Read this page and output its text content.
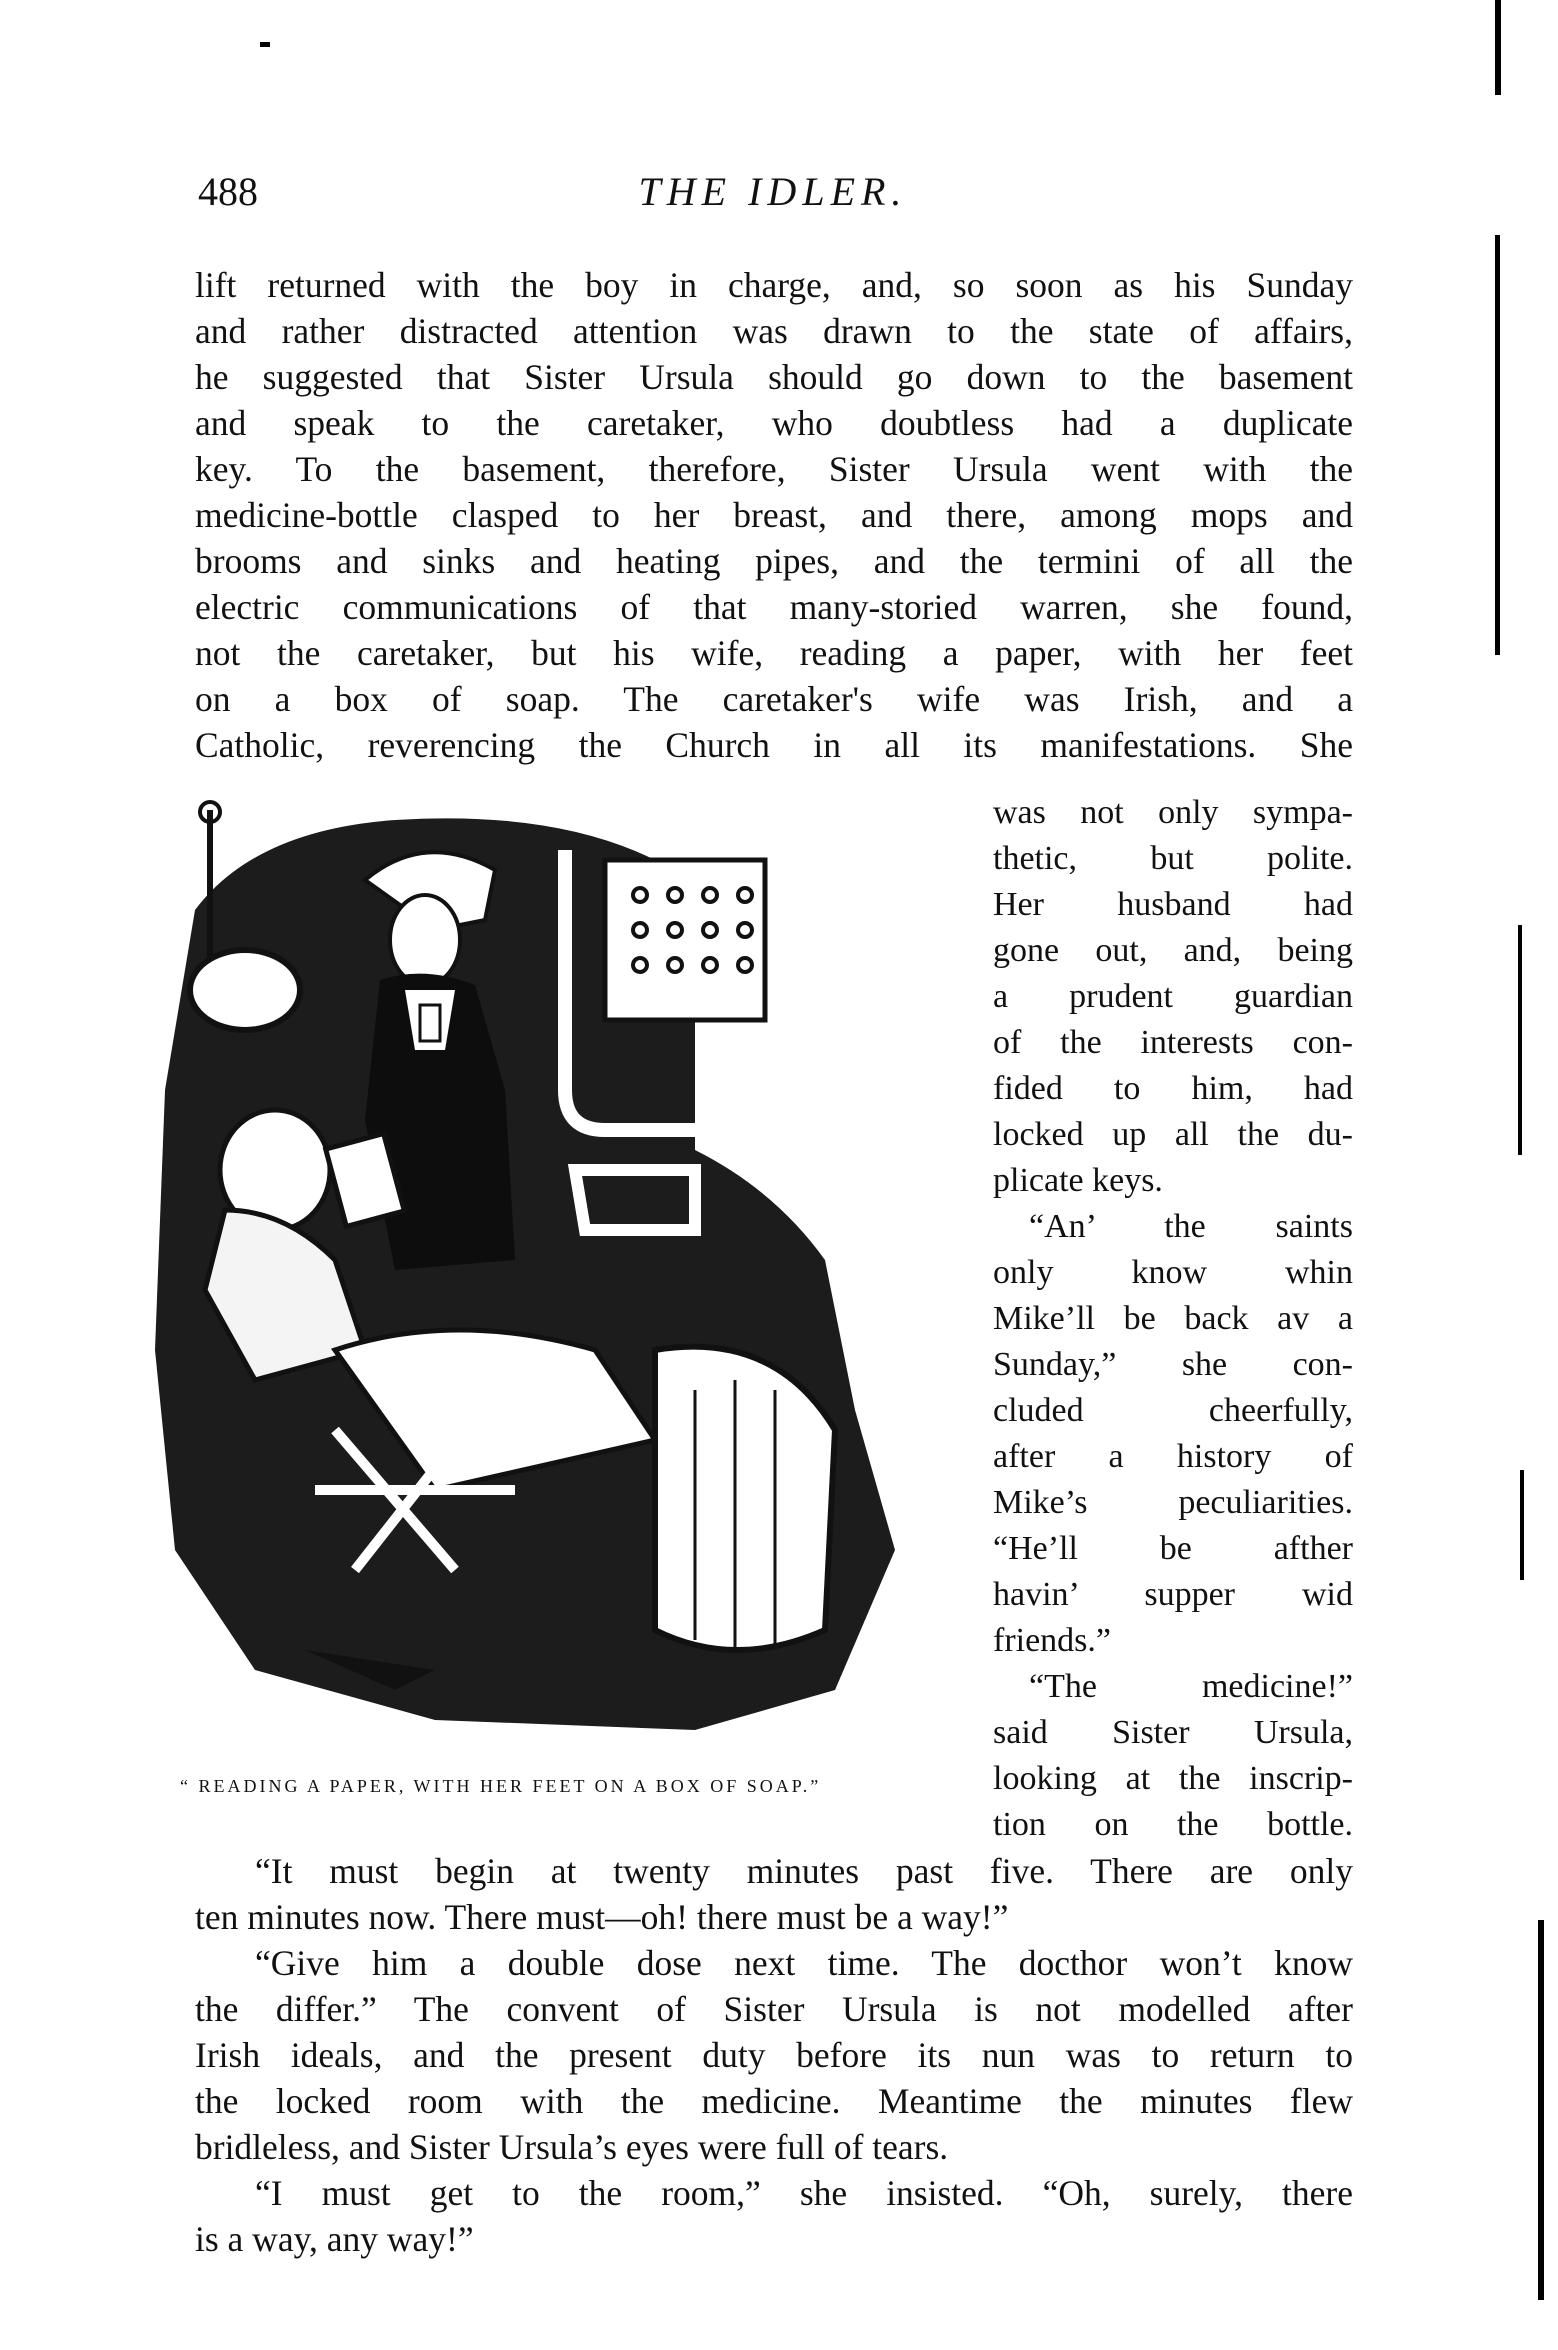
488	THE IDLER.
lift returned with the boy in charge, and, so soon as his Sunday
and rather distracted attention was drawn to the state of affairs,
he suggested that Sister Ursula should go down to the basement
and speak to the caretaker, who doubtless had a duplicate
key. To the basement, therefore, Sister Ursula went with the
medicine-bottle clasped to her breast, and there, among mops and
brooms and sinks and heating pipes, and the termini of all the
electric communications of that many-storied warren, she found,
not the caretaker, but his wife, reading a paper, with her feet
on a box of soap. The caretaker's wife was Irish, and a
Catholic, reverencing the Church in all its manifestations. She
“ READING A PAPER, WITH HER FEET ON A BOX OF SOAP.”
was not only sympa-
thetic, but polite.
Her husband had
gone out, and, being
a prudent guardian
of the interests con-
fided to him, had
locked up all the du-
plicate keys.
“An’ the saints
only know whin
Mike’ll be back av a
Sunday,” she con-
cluded cheerfully,
after a history of
Mike’s peculiarities.
“He’ll be afther
havin’ supper wid
friends.”
“The medicine!”
said Sister Ursula,
looking at the inscrip-
tion on the bottle.
“It must begin at twenty minutes past five. There are only
ten minutes now. There must—oh! there must be a way!”
“Give him a double dose next time. The docthor won’t know
the differ.” The convent of Sister Ursula is not modelled after
Irish ideals, and the present duty before its nun was to return to
the locked room with the medicine. Meantime the minutes flew
bridleless, and Sister Ursula’s eyes were full of tears.
“I must get to the room,” she insisted. “Oh, surely, there
is a way, any way!”
